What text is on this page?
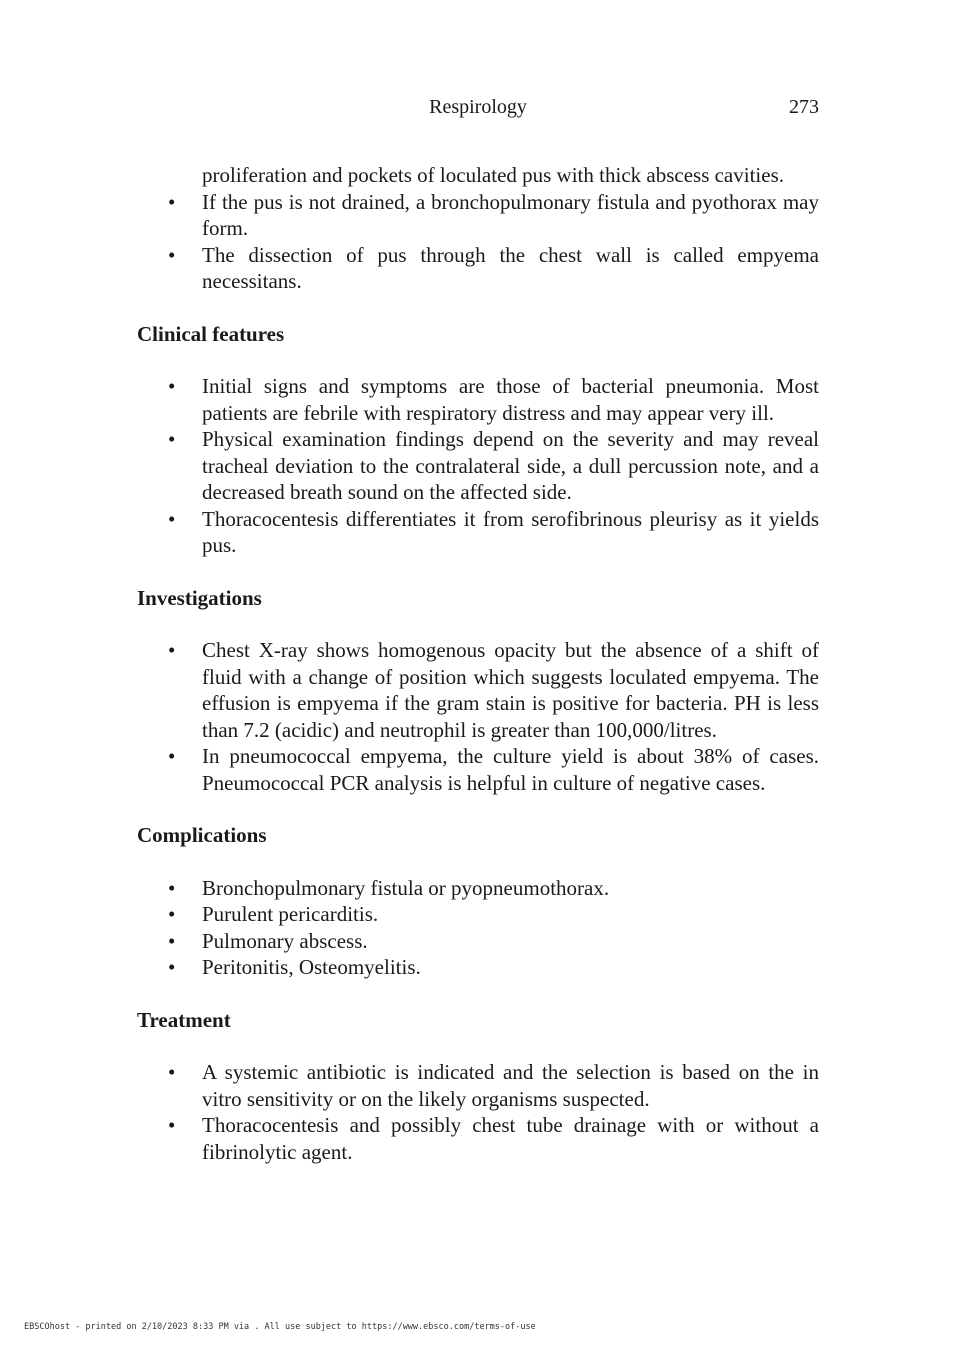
Respirology	273

proliferation and pockets of loculated pus with thick abscess cavities.

• If the pus is not drained, a bronchopulmonary fistula and pyothorax may form.
• The dissection of pus through the chest wall is called empyema necessitans.

Clinical features

• Initial signs and symptoms are those of bacterial pneumonia. Most patients are febrile with respiratory distress and may appear very ill.
• Physical examination findings depend on the severity and may reveal tracheal deviation to the contralateral side, a dull percussion note, and a decreased breath sound on the affected side.
• Thoracocentesis differentiates it from serofibrinous pleurisy as it yields pus.

Investigations

• Chest X-ray shows homogenous opacity but the absence of a shift of fluid with a change of position which suggests loculated empyema. The effusion is empyema if the gram stain is positive for bacteria. PH is less than 7.2 (acidic) and neutrophil is greater than 100,000/litres.
• In pneumococcal empyema, the culture yield is about 38% of cases. Pneumococcal PCR analysis is helpful in culture of negative cases.

Complications

• Bronchopulmonary fistula or pyopneumothorax.
• Purulent pericarditis.
• Pulmonary abscess.
• Peritonitis, Osteomyelitis.

Treatment

• A systemic antibiotic is indicated and the selection is based on the in vitro sensitivity or on the likely organisms suspected.
• Thoracocentesis and possibly chest tube drainage with or without a fibrinolytic agent.
EBSCOhost - printed on 2/10/2023 8:33 PM via . All use subject to https://www.ebsco.com/terms-of-use
